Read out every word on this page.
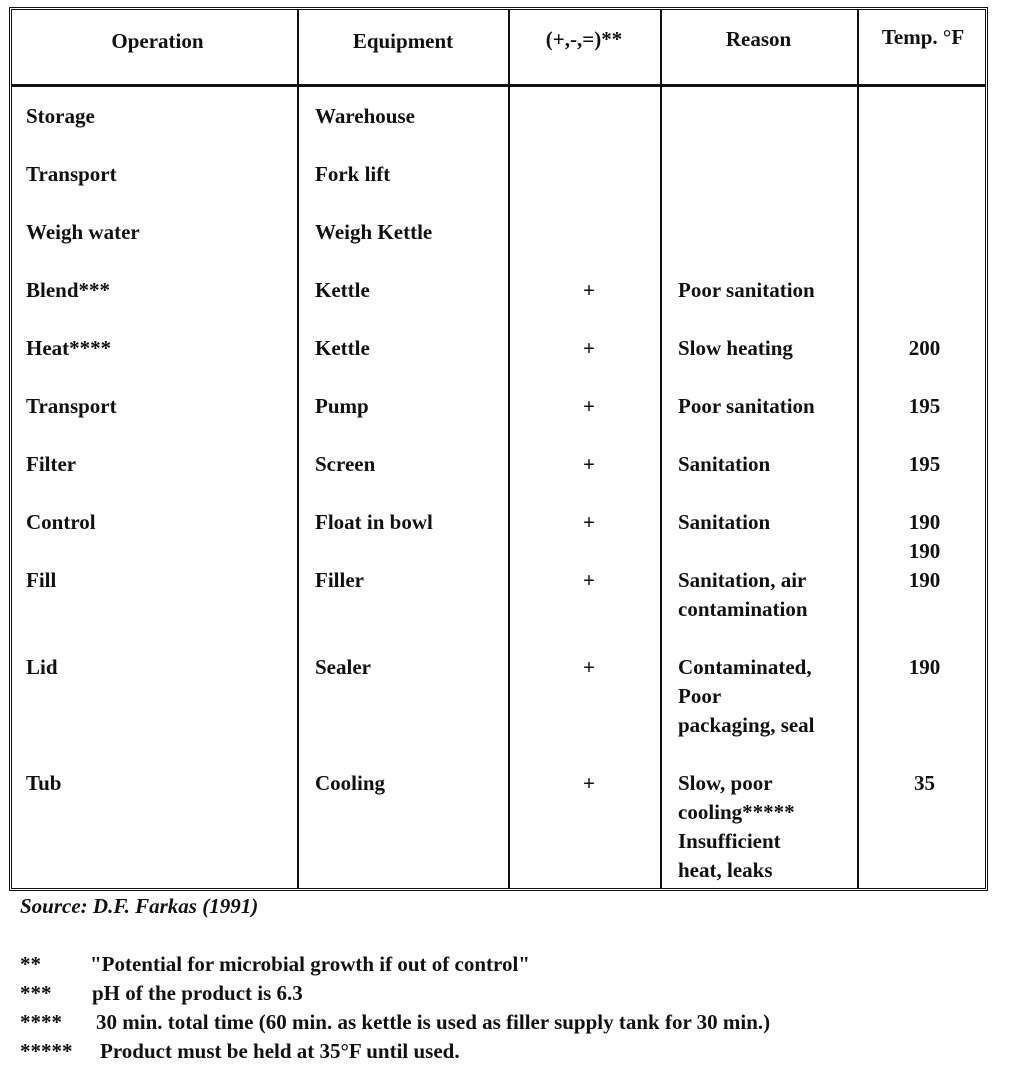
Operation	Equipment	(+,-,=)**	Reason	Temp. °F
Storage	Warehouse
Transport	Fork lift
Weigh water	Weigh Kettle
Blend***	Kettle	+	Poor sanitation
Heat****	Kettle	+	Slow heating	200
Transport	Pump	+	Poor sanitation	195
Filter	Screen	+	Sanitation	195
Control	Float in bowl	+	Sanitation	190
190
Fill	Filler	+	Sanitation, air	190
contamination
Lid	Sealer	+	Contaminated,	190
Poor
packaging, seal
Tub	Cooling	+	Slow, poor	35
cooling*****
Insufficient
heat, leaks
Source: D.F. Farkas (1991)
** "Potential for microbial growth if out of control"
*** pH of the product is 6.3
**** 30 min. total time (60 min. as kettle is used as filler supply tank for 30 min.)
***** Product must be held at 35°F until used.
